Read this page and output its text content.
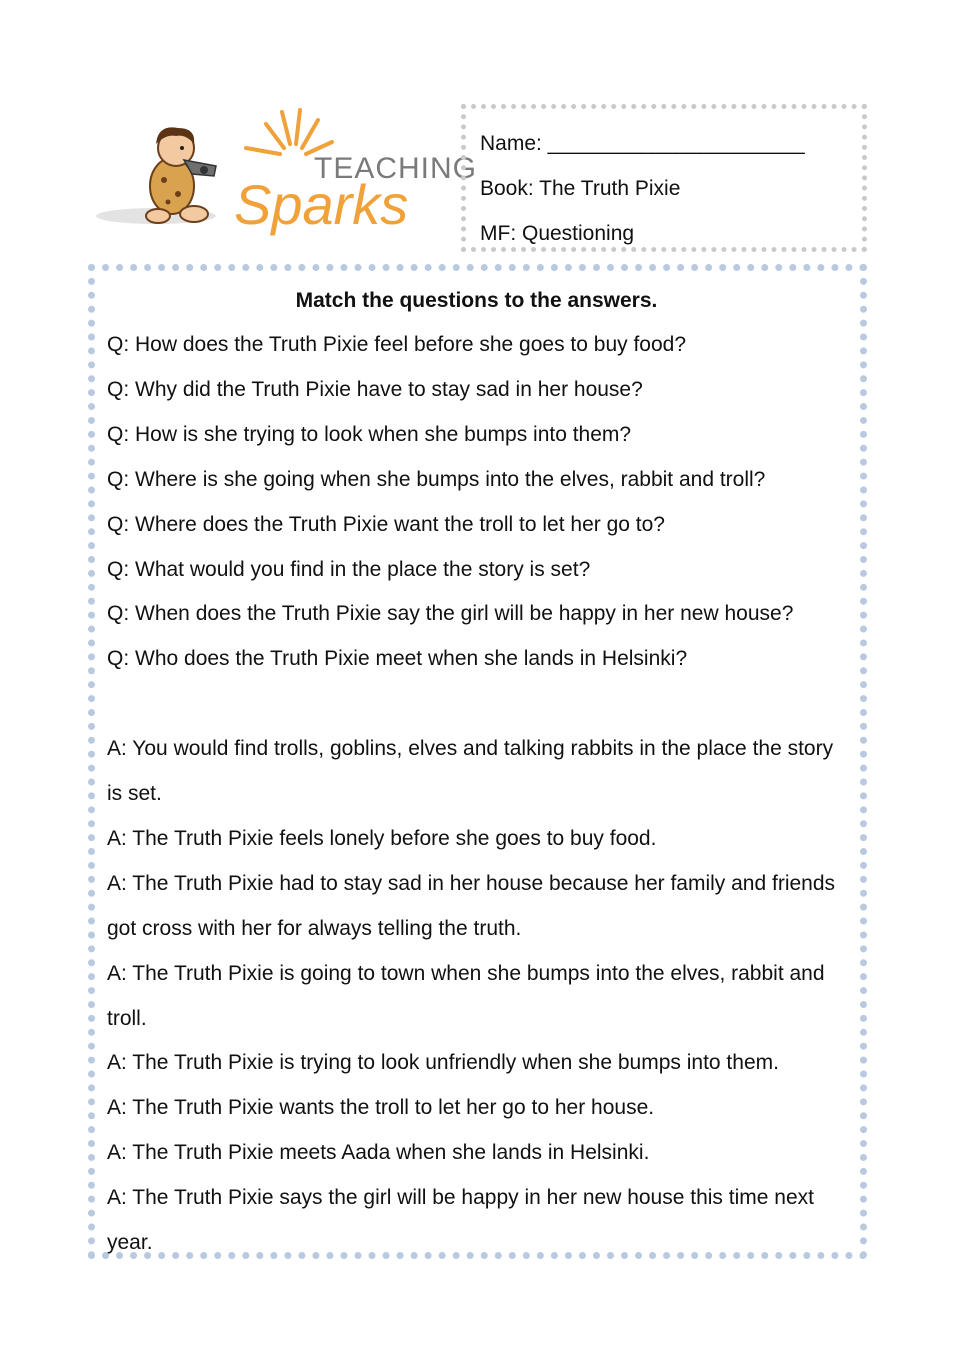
TEACHING
Sparks
Name: ______________________
Book: The Truth Pixie
MF: Questioning
Match the questions to the answers.
Q: How does the Truth Pixie feel before she goes to buy food?
Q: Why did the Truth Pixie have to stay sad in her house?
Q: How is she trying to look when she bumps into them?
Q: Where is she going when she bumps into the elves, rabbit and troll?
Q: Where does the Truth Pixie want the troll to let her go to?
Q: What would you find in the place the story is set?
Q: When does the Truth Pixie say the girl will be happy in her new house?
Q: Who does the Truth Pixie meet when she lands in Helsinki?
A: You would find trolls, goblins, elves and talking rabbits in the place the story is set.
A: The Truth Pixie feels lonely before she goes to buy food.
A: The Truth Pixie had to stay sad in her house because her family and friends got cross with her for always telling the truth.
A: The Truth Pixie is going to town when she bumps into the elves, rabbit and troll.
A: The Truth Pixie is trying to look unfriendly when she bumps into them.
A: The Truth Pixie wants the troll to let her go to her house.
A: The Truth Pixie meets Aada when she lands in Helsinki.
A: The Truth Pixie says the girl will be happy in her new house this time next year.
